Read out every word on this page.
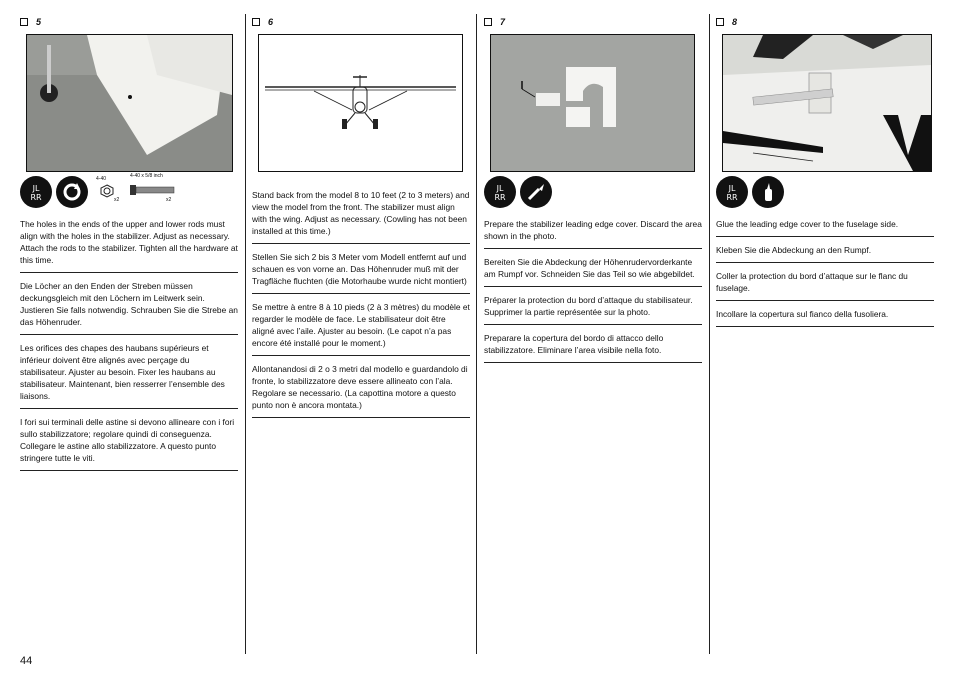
5
JL
RR
4-40
x2
4-40 x 5/8 inch
x2
The holes in the ends of the upper and lower rods must align with the holes in the stabilizer. Adjust as necessary. Attach the rods to the stabilizer. Tighten all the hardware at this time.
Die Löcher an den Enden der Streben müssen deckungsgleich mit den Löchern im Leitwerk sein. Justieren Sie falls notwendig. Schrauben Sie die Strebe an das Höhenruder.
Les orifices des chapes des haubans supérieurs et inférieur doivent être alignés avec perçage du stabilisateur. Ajuster au besoin. Fixer les haubans au stabilisateur. Maintenant, bien resserrer l’ensemble des liaisons.
I fori sui terminali delle astine si devono allineare con i fori sullo stabilizzatore; regolare quindi di conseguenza. Collegare le astine allo stabilizzatore. A questo punto stringere tutte le viti.
6
Stand back from the model 8 to 10 feet (2 to 3 meters) and view the model from the front. The stabilizer must align with the wing. Adjust as necessary. (Cowling has not been installed at this time.)
Stellen Sie sich 2 bis 3 Meter vom Modell entfernt auf und schauen es von vorne an. Das Höhenruder muß mit der Tragfläche fluchten (die Motorhaube wurde nicht montiert)
Se mettre à entre 8 à 10 pieds (2 à 3 mètres) du modèle et regarder le modèle de face. Le stabilisateur doit être aligné avec l’aile. Ajuster au besoin. (Le capot n’a pas encore été installé pour le moment.)
Allontanandosi di 2 o 3 metri dal modello e guardandolo di fronte, lo stabilizzatore deve essere allineato con l’ala. Regolare se necessario. (La capottina motore a questo punto non è ancora montata.)
7
JL
RR
Prepare the stabilizer leading edge cover. Discard the area shown in the photo.
Bereiten Sie die Abdeckung der Höhenrudervorderkante am Rumpf vor. Schneiden Sie das Teil so wie abgebildet.
Préparer la protection du bord d’attaque du stabilisateur. Supprimer la partie représentée sur la photo.
Preparare la copertura del bordo di attacco dello stabilizzatore. Eliminare l’area visibile nella foto.
8
JL
RR
Glue the leading edge cover to the fuselage side.
Kleben Sie die Abdeckung an den Rumpf.
Coller la protection du bord d’attaque sur le flanc du fuselage.
Incollare la copertura sul fianco della fusoliera.
44
